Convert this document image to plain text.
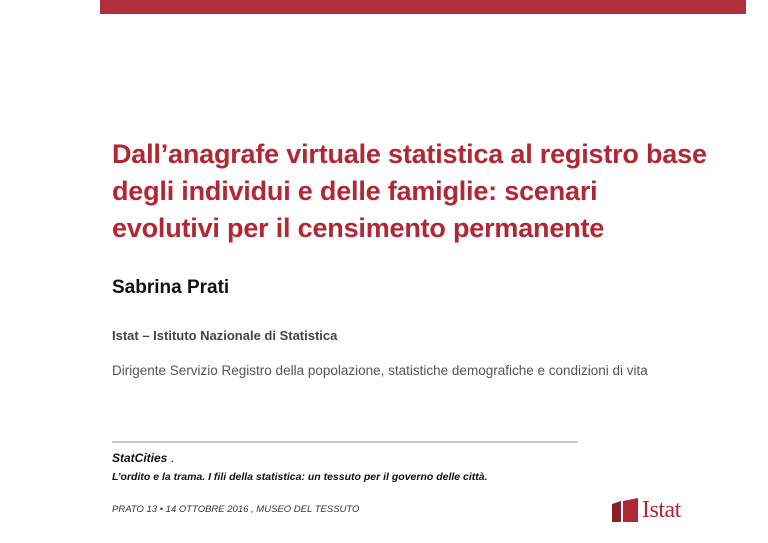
Dall’anagrafe virtuale statistica al registro base degli individui e delle famiglie: scenari evolutivi per il censimento permanente

Sabrina Prati

Istat – Istituto Nazionale di Statistica

Dirigente Servizio Registro della popolazione, statistiche demografiche e condizioni di vita

StatCities .

L’ordito e la trama. I fili della statistica: un tessuto per il governo delle città.

PRATO 13 • 14 OTTOBRE 2016 , MUSEO DEL TESSUTO	Istat
